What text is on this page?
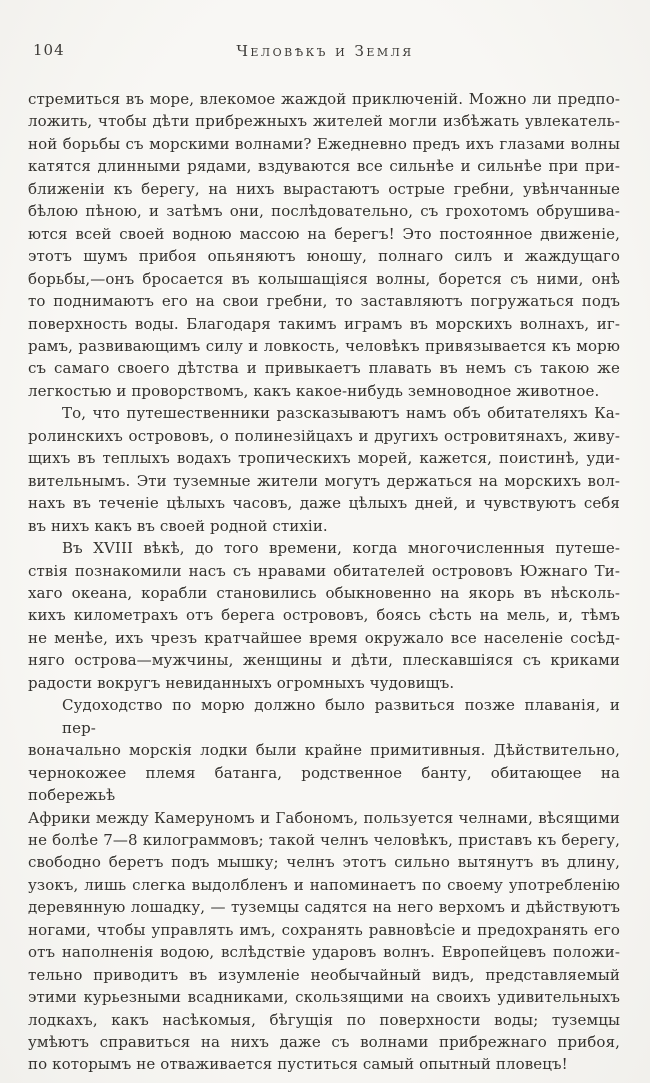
104	Человѣкъ и Земля
стремиться въ море, влекомое жаждой приключеній. Можно ли предпо-
ложить, чтобы дѣти прибрежныхъ жителей могли избѣжать увлекатель-
ной борьбы съ морскими волнами? Ежедневно предъ ихъ глазами волны
катятся длинными рядами, вздуваются все сильнѣе и сильнѣе при при-
ближеніи къ берегу, на нихъ вырастаютъ острые гребни, увѣнчанные
бѣлою пѣною, и затѣмъ они, послѣдовательно, съ грохотомъ обрушива-
ются всей своей водною массою на берегъ! Это постоянное движеніе,
этотъ шумъ прибоя опьяняютъ юношу, полнаго силъ и жаждущаго
борьбы,—онъ бросается въ колышащіяся волны, борется съ ними, онѣ
то поднимаютъ его на свои гребни, то заставляютъ погружаться подъ
поверхность воды. Благодаря такимъ играмъ въ морскихъ волнахъ, иг-
рамъ, развивающимъ силу и ловкость, человѣкъ привязывается къ морю
съ самаго своего дѣтства и привыкаетъ плавать въ немъ съ такою же
легкостью и проворствомъ, какъ какое-нибудь земноводное животное.
То, что путешественники разсказываютъ намъ объ обитателяхъ Ка-
ролинскихъ острововъ, о полинезійцахъ и другихъ островитянахъ, живу-
щихъ въ теплыхъ водахъ тропическихъ морей, кажется, поистинѣ, уди-
вительнымъ. Эти туземные жители могутъ держаться на морскихъ вол-
нахъ въ теченіе цѣлыхъ часовъ, даже цѣлыхъ дней, и чувствуютъ себя
въ нихъ какъ въ своей родной стихіи.
Въ XVIII вѣкѣ, до того времени, когда многочисленныя путеше-
ствія познакомили насъ съ нравами обитателей острововъ Южнаго Ти-
хаго океана, корабли становились обыкновенно на якорь въ нѣсколь-
кихъ километрахъ отъ берега острововъ, боясь сѣсть на мель, и, тѣмъ
не менѣе, ихъ чрезъ кратчайшее время окружало все населеніе сосѣд-
няго острова—мужчины, женщины и дѣти, плескавшіяся съ криками
радости вокругъ невиданныхъ огромныхъ чудовищъ.
Судоходство по морю должно было развиться позже плаванія, и пер-
воначально морскія лодки были крайне примитивныя. Дѣйствительно,
чернокожее племя батанга, родственное банту, обитающее на побережьѣ
Африки между Камеруномъ и Габономъ, пользуется челнами, вѣсящими
не болѣе 7—8 килограммовъ; такой челнъ человѣкъ, приставъ къ берегу,
свободно беретъ подъ мышку; челнъ этотъ сильно вытянутъ въ длину,
узокъ, лишь слегка выдолбленъ и напоминаетъ по своему употребленію
деревянную лошадку, — туземцы садятся на него верхомъ и дѣйствуютъ
ногами, чтобы управлять имъ, сохранять равновѣсіе и предохранять его
отъ наполненія водою, вслѣдствіе ударовъ волнъ. Европейцевъ положи-
тельно приводитъ въ изумленіе необычайный видъ, представляемый
этими курьезными всадниками, скользящими на своихъ удивительныхъ
лодкахъ, какъ насѣкомыя, бѣгущія по поверхности воды; туземцы
умѣютъ справиться на нихъ даже съ волнами прибрежнаго прибоя,
по которымъ не отваживается пуститься самый опытный пловецъ!
